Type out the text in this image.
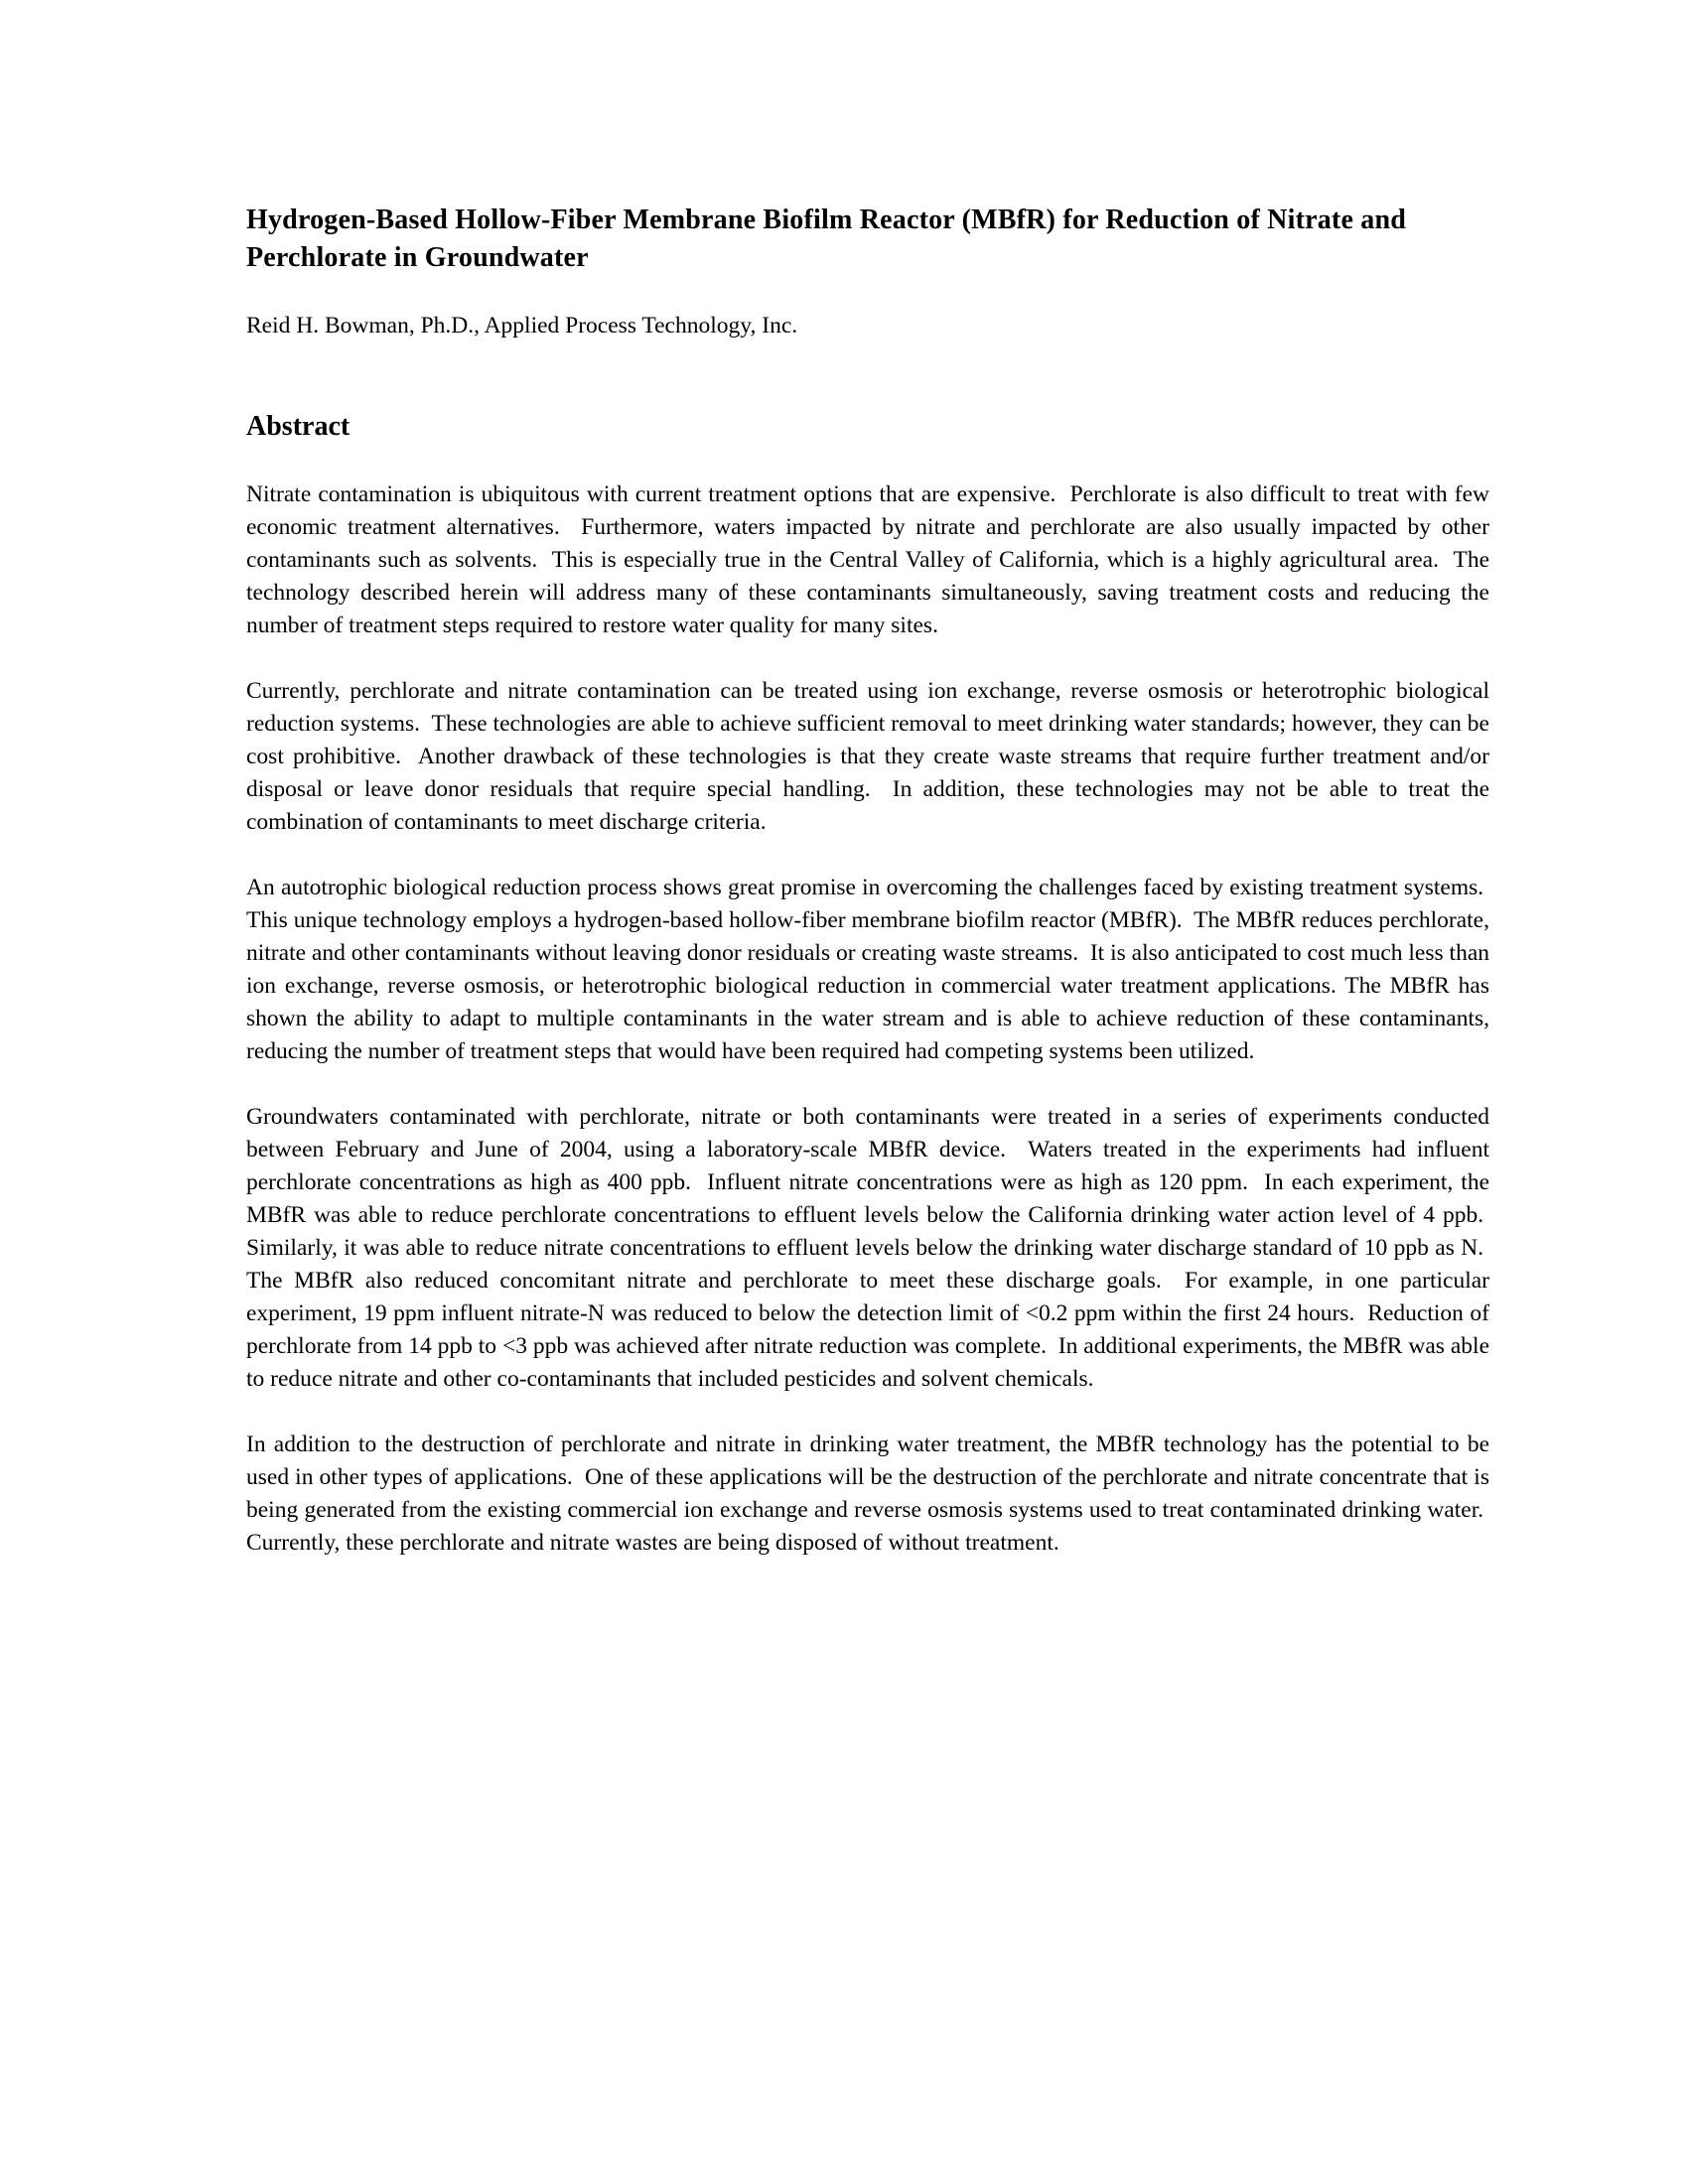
Hydrogen-Based Hollow-Fiber Membrane Biofilm Reactor (MBfR) for Reduction of Nitrate and Perchlorate in Groundwater

Reid H. Bowman, Ph.D., Applied Process Technology, Inc.

Abstract

Nitrate contamination is ubiquitous with current treatment options that are expensive.  Perchlorate is also difficult to treat with few economic treatment alternatives.  Furthermore, waters impacted by nitrate and perchlorate are also usually impacted by other contaminants such as solvents.  This is especially true in the Central Valley of California, which is a highly agricultural area.  The technology described herein will address many of these contaminants simultaneously, saving treatment costs and reducing the number of treatment steps required to restore water quality for many sites.

Currently, perchlorate and nitrate contamination can be treated using ion exchange, reverse osmosis or heterotrophic biological reduction systems.  These technologies are able to achieve sufficient removal to meet drinking water standards; however, they can be cost prohibitive.  Another drawback of these technologies is that they create waste streams that require further treatment and/or disposal or leave donor residuals that require special handling.  In addition, these technologies may not be able to treat the combination of contaminants to meet discharge criteria.

An autotrophic biological reduction process shows great promise in overcoming the challenges faced by existing treatment systems.  This unique technology employs a hydrogen-based hollow-fiber membrane biofilm reactor (MBfR).  The MBfR reduces perchlorate, nitrate and other contaminants without leaving donor residuals or creating waste streams.  It is also anticipated to cost much less than ion exchange, reverse osmosis, or heterotrophic biological reduction in commercial water treatment applications. The MBfR has shown the ability to adapt to multiple contaminants in the water stream and is able to achieve reduction of these contaminants, reducing the number of treatment steps that would have been required had competing systems been utilized.

Groundwaters contaminated with perchlorate, nitrate or both contaminants were treated in a series of experiments conducted between February and June of 2004, using a laboratory-scale MBfR device.  Waters treated in the experiments had influent perchlorate concentrations as high as 400 ppb.  Influent nitrate concentrations were as high as 120 ppm.  In each experiment, the MBfR was able to reduce perchlorate concentrations to effluent levels below the California drinking water action level of 4 ppb.  Similarly, it was able to reduce nitrate concentrations to effluent levels below the drinking water discharge standard of 10 ppb as N.  The MBfR also reduced concomitant nitrate and perchlorate to meet these discharge goals.  For example, in one particular experiment, 19 ppm influent nitrate-N was reduced to below the detection limit of <0.2 ppm within the first 24 hours.  Reduction of perchlorate from 14 ppb to <3 ppb was achieved after nitrate reduction was complete.  In additional experiments, the MBfR was able to reduce nitrate and other co-contaminants that included pesticides and solvent chemicals.

In addition to the destruction of perchlorate and nitrate in drinking water treatment, the MBfR technology has the potential to be used in other types of applications.  One of these applications will be the destruction of the perchlorate and nitrate concentrate that is being generated from the existing commercial ion exchange and reverse osmosis systems used to treat contaminated drinking water.  Currently, these perchlorate and nitrate wastes are being disposed of without treatment.
